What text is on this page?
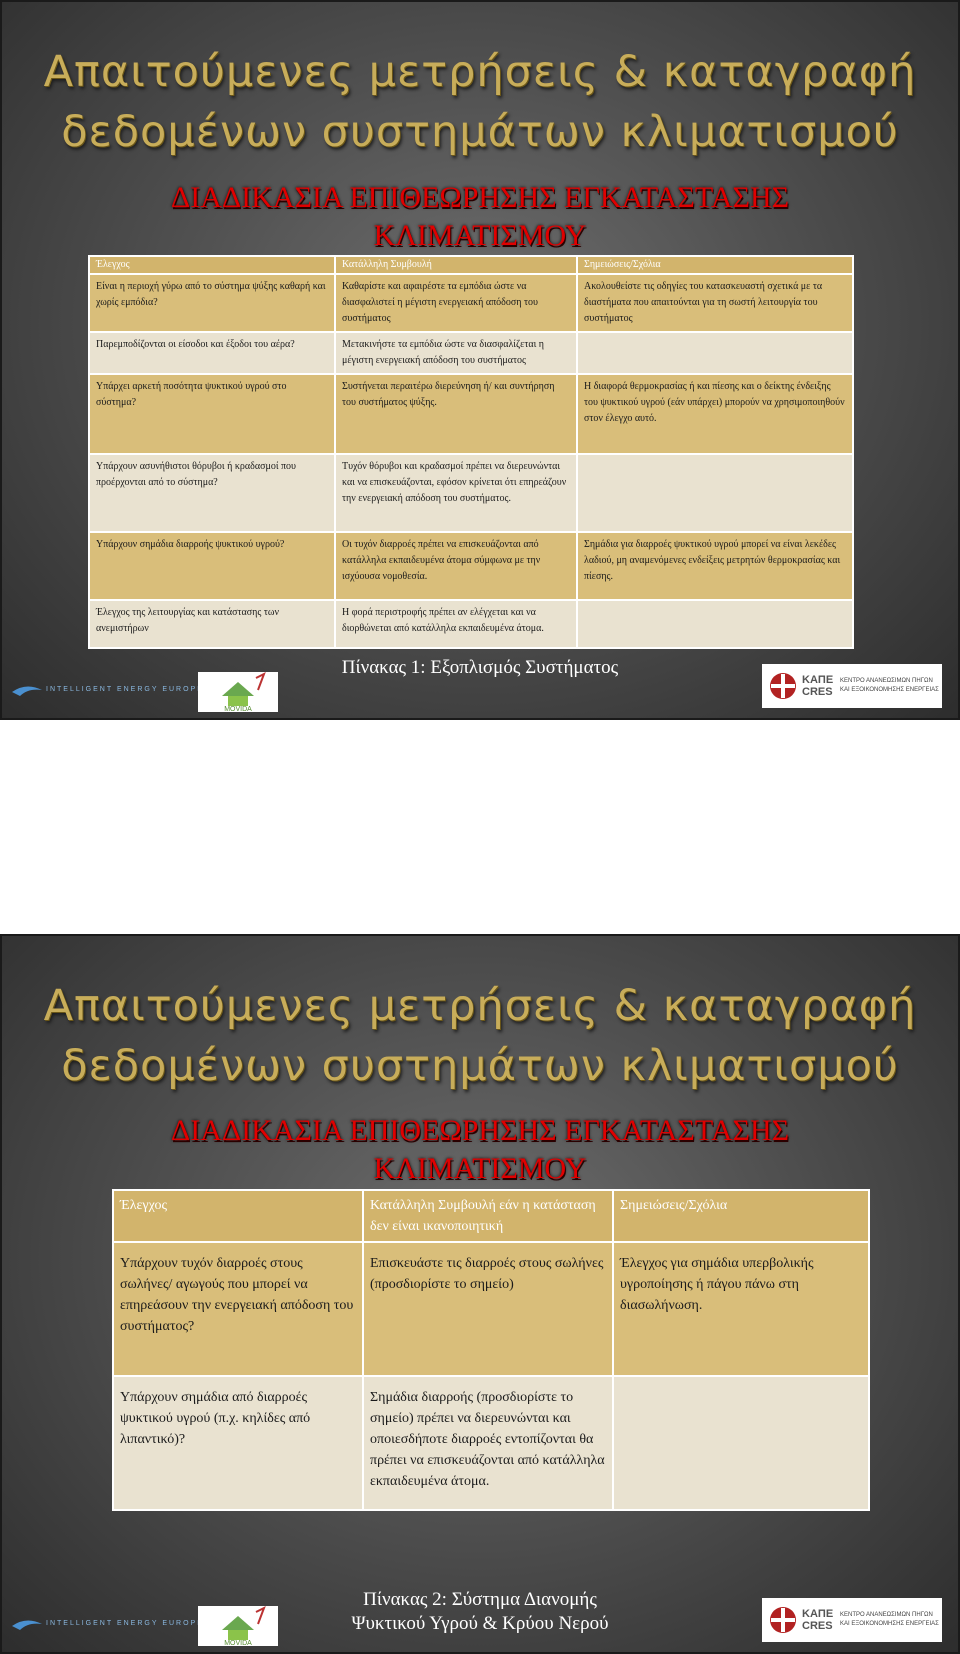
Απαιτούμενες μετρήσεις & καταγραφή
δεδομένων συστημάτων κλιματισμού
ΔΙΑΔΙΚΑΣΙΑ ΕΠΙΘΕΩΡΗΣΗΣ ΕΓΚΑΤΑΣΤΑΣΗΣ
ΚΛΙΜΑΤΙΣΜΟΥ
Έλεγχος	Κατάλληλη Συμβουλή	Σημειώσεις/Σχόλια
Είναι η περιοχή γύρω από το σύστημα ψύξης καθαρή και χωρίς εμπόδια?	Καθαρίστε και αφαιρέστε τα εμπόδια ώστε να διασφαλιστεί η μέγιστη ενεργειακή απόδοση του συστήματος	Ακολουθείστε τις οδηγίες του κατασκευαστή σχετικά με τα διαστήματα που απαιτούνται για τη σωστή λειτουργία του συστήματος
Παρεμποδίζονται οι είσοδοι και έξοδοι του αέρα?	Μετακινήστε τα εμπόδια ώστε να διασφαλίζεται η μέγιστη ενεργειακή απόδοση του συστήματος	
Υπάρχει αρκετή ποσότητα ψυκτικού υγρού στο σύστημα?	Συστήνεται περαιτέρω διερεύνηση ή/ και συντήρηση του συστήματος ψύξης.	Η διαφορά θερμοκρασίας ή και πίεσης και ο δείκτης ένδειξης του ψυκτικού υγρού (εάν υπάρχει) μπορούν να χρησιμοποιηθούν στον έλεγχο αυτό.
Υπάρχουν ασυνήθιστοι θόρυβοι ή κραδασμοί που προέρχονται από το σύστημα?	Τυχόν θόρυβοι και κραδασμοί πρέπει να διερευνώνται και να επισκευάζονται, εφόσον κρίνεται ότι επηρεάζουν την ενεργειακή απόδοση του συστήματος.	
Υπάρχουν σημάδια διαρροής ψυκτικού υγρού?	Οι τυχόν διαρροές πρέπει να επισκευάζονται από κατάλληλα εκπαιδευμένα άτομα σύμφωνα με την ισχύουσα νομοθεσία.	Σημάδια για διαρροές ψυκτικού υγρού μπορεί να είναι λεκέδες λαδιού, μη αναμενόμενες ενδείξεις μετρητών θερμοκρασίας και πίεσης.
Έλεγχος της λειτουργίας και κατάστασης των ανεμιστήρων	Η φορά περιστροφής πρέπει αν ελέγχεται και να διορθώνεται από κατάλληλα εκπαιδευμένα άτομα.	
Πίνακας 1: Εξοπλισμός Συστήματος
INTELLIGENT ENERGY EUROPE
MOVIDA
ΚΑΠΕ
CRES
ΚΕΝΤΡΟ ΑΝΑΝΕΩΣΙΜΩΝ ΠΗΓΩΝ
ΚΑΙ ΕΞΟΙΚΟΝΟΜΗΣΗΣ ΕΝΕΡΓΕΙΑΣ
Απαιτούμενες μετρήσεις & καταγραφή
δεδομένων συστημάτων κλιματισμού
ΔΙΑΔΙΚΑΣΙΑ ΕΠΙΘΕΩΡΗΣΗΣ ΕΓΚΑΤΑΣΤΑΣΗΣ
ΚΛΙΜΑΤΙΣΜΟΥ
Έλεγχος	Κατάλληλη Συμβουλή εάν η κατάσταση δεν είναι ικανοποιητική	Σημειώσεις/Σχόλια
Υπάρχουν τυχόν διαρροές στους σωλήνες/ αγωγούς που μπορεί να επηρεάσουν την ενεργειακή απόδοση του συστήματος?	Επισκευάστε τις διαρροές στους σωλήνες (προσδιορίστε το σημείο)	Έλεγχος για σημάδια υπερβολικής υγροποίησης ή πάγου πάνω στη διασωλήνωση.
Υπάρχουν σημάδια από διαρροές ψυκτικού υγρού (π.χ. κηλίδες από λιπαντικό)?	Σημάδια διαρροής (προσδιορίστε το σημείο) πρέπει να διερευνώνται και οποιεσδήποτε διαρροές εντοπίζονται θα πρέπει να επισκευάζονται από κατάλληλα εκπαιδευμένα άτομα.	
Πίνακας 2: Σύστημα Διανομής
Ψυκτικού Υγρού & Κρύου Νερού
INTELLIGENT ENERGY EUROPE
MOVIDA
ΚΑΠΕ
CRES
ΚΕΝΤΡΟ ΑΝΑΝΕΩΣΙΜΩΝ ΠΗΓΩΝ
ΚΑΙ ΕΞΟΙΚΟΝΟΜΗΣΗΣ ΕΝΕΡΓΕΙΑΣ
